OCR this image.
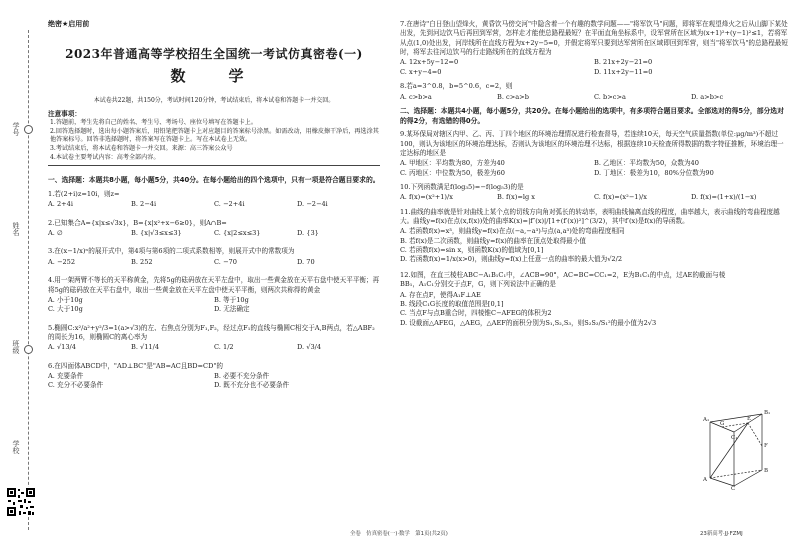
学号
姓名
班级
学校
绝密★启用前
2023年普通高等学校招生全国统一考试仿真密卷(一)
数　学
本试卷共22题，共150分，考试时间120分钟，考试结束后，将本试卷和答题卡一并交回。
注意事项：
1.答题前，考生先将自己的姓名、考生号、考场号、座位号填写在答题卡上。
2.回答选择题时，选出每小题答案后，用铅笔把答题卡上对应题目的答案标号涂黑。如需改动，用橡皮擦干净后，再选涂其他答案标号。回答非选择题时，将答案写在答题卡上。写在本试卷上无效。
3.考试结束后，将本试卷和答题卡一并交回。来源：高三答案公众号
4.本试卷主要考试内容：高考全部内容。
一、选择题：本题共8小题，每小题5分，共40分。在每小题给出的四个选项中，只有一项是符合题目要求的。
1.若(2+i)z=10i，则z=
A. 2+4i	B. 2−4i	C. −2+4i	D. −2−4i
2.已知集合A={x|x≤√3x}，B={x|x²+x−6≥0}，则A∩B=
A. ∅	B. {x|√3≤x≤3}	C. {x|2≤x≤3}	D. {3}
3.在(x−1/x)ⁿ的展开式中，第4项与第6项的二项式系数相等，则展开式中的常数项为
A. −252	B. 252	C. −70	D. 70
4.用一架两臂不等长的天平称黄金，先将5g的砝码放在天平左盘中，取出一些黄金放在天平右盘中使天平平衡；再将5g的砝码放在天平右盘中，取出一些黄金放在天平左盘中使天平平衡，则两次共称得的黄金
A. 小于10g	B. 等于10g
C. 大于10g	D. 无法确定
5.椭圆C:x²/a²+y²/3=1(a>√3)的左、右焦点分别为F₁,F₂，经过点F₁的直线与椭圆C相交于A,B两点，若△ABF₂的周长为16，则椭圆C的离心率为
A. √13/4	B. √11/4	C. 1/2	D. √3/4
6.在四面体ABCD中，"AD⊥BC"是"AB=AC且BD=CD"的
A. 充要条件	B. 必要不充分条件
C. 充分不必要条件	D. 既不充分也不必要条件
7.在唐诗"白日登山望烽火，黄昏饮马傍交河"中隐含着一个有趣的数学问题——"将军饮马"问题，即将军在观望烽火之后从山脚下某处出发，先到河边饮马后再回到军营，怎样走才能使总路程最短？在平面直角坐标系中，设军营所在区域为(x+1)²+(y−1)²≤1，若将军从点(1,0)处出发，河岸线所在直线方程为x+2y−5=0，并假定将军只要到达军营所在区域即回到军营，则当"将军饮马"的总路程最短时，将军去往河边饮马的行走路线所在的直线方程为
A. 12x+5y−12=0	B. 21x+2y−21=0
C. x+y−4=0	D. 11x+2y−11=0
8.若a=3^0.8，b=5^0.6，c=2，则
A. c>b>a	B. c>a>b	C. b>c>a	D. a>b>c
二、选择题：本题共4小题，每小题5分，共20分。在每小题给出的选项中，有多项符合题目要求。全部选对的得5分，部分选对的得2分，有选错的得0分。
9.某环保局对辖区内甲、乙、丙、丁四个地区的环境治理情况进行检查督导，若连续10天，每天空气质量指数(单位:μg/m³)不超过100，则认为该地区的环境治理达标，否则认为该地区的环境治理不达标，根据连续10天检查所得数据的数字特征推断，环境治理一定达标的地区是
A. 甲地区：平均数为80，方差为40	B. 乙地区：平均数为50，众数为40
C. 丙地区：中位数为50，极差为60	D. 丁地区：极差为10，80%分位数为90
10.下列函数满足f(log₃5)=−f(log₅3)的是
A. f(x)=(x²+1)/x	B. f(x)=lg x	C. f(x)=(x²−1)/x	D. f(x)=(1+x)/(1−x)
11.曲线的曲率就是针对曲线上某个点的切线方向角对弧长的转动率，表明曲线偏离直线的程度，曲率越大，表示曲线的弯曲程度越大。曲线y=f(x)在点(x,f(x))处的曲率K(x)=|f″(x)|/[1+(f′(x))²]^(3/2)，其中f′(x)是f(x)的导函数。
A. 若函数f(x)=x³，则曲线y=f(x)在点(−a,−a³)与点(a,a³)处的弯曲程度相同
B. 若f(x)是二次函数，则曲线y=f(x)的曲率在顶点处取得最小值
C. 若函数f(x)=sin x，则函数K(x)的值域为[0,1]
D. 若函数f(x)=1/x(x>0)，则曲线y=f(x)上任意一点的曲率的最大值为√2/2
12.如图，在直三棱柱ABC−A₁B₁C₁中，∠ACB=90°，AC=BC=CC₁=2，E为B₁C₁的中点，过AE的截面与棱BB₁，A₁C₁分别交于点F，G，则下列说法中正确的是
A. 存在点F，使得A₁F⊥AE
B. 线段C₁G长度的取值范围是[0,1]
C. 当点F与点B重合时，四棱锥C−AFEG的体积为2
D. 设截面△AFEG，△AEG，△AEF的面积分别为S₁,S₂,S₃，则S₂S₃/S₁²的最小值为2√3
A₁
B₁
C₁
E
G
F
A
B
C
全卷　仿真密卷(一)·数学　第1页(共2页)	23新高考·JJ·FZMJ
